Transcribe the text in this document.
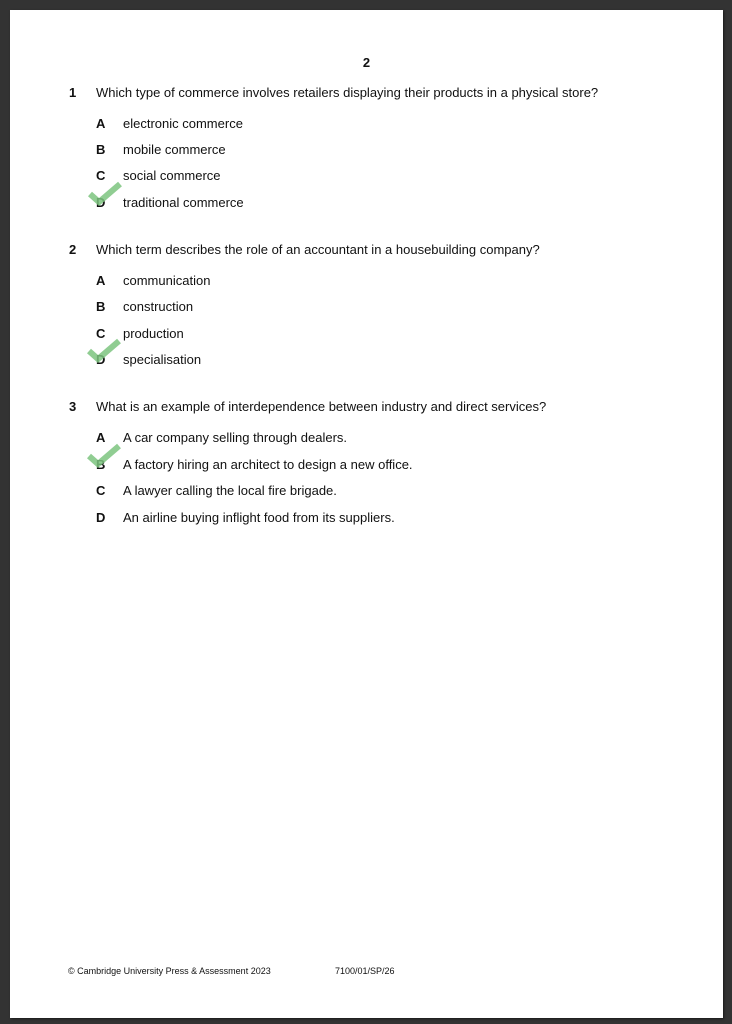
2
1 Which type of commerce involves retailers displaying their products in a physical store?
A electronic commerce
B mobile commerce
C social commerce
D traditional commerce
2 Which term describes the role of an accountant in a housebuilding company?
A communication
B construction
C production
D specialisation
3 What is an example of interdependence between industry and direct services?
A A car company selling through dealers.
B A factory hiring an architect to design a new office.
C A lawyer calling the local fire brigade.
D An airline buying inflight food from its suppliers.
© Cambridge University Press & Assessment 2023	7100/01/SP/26
